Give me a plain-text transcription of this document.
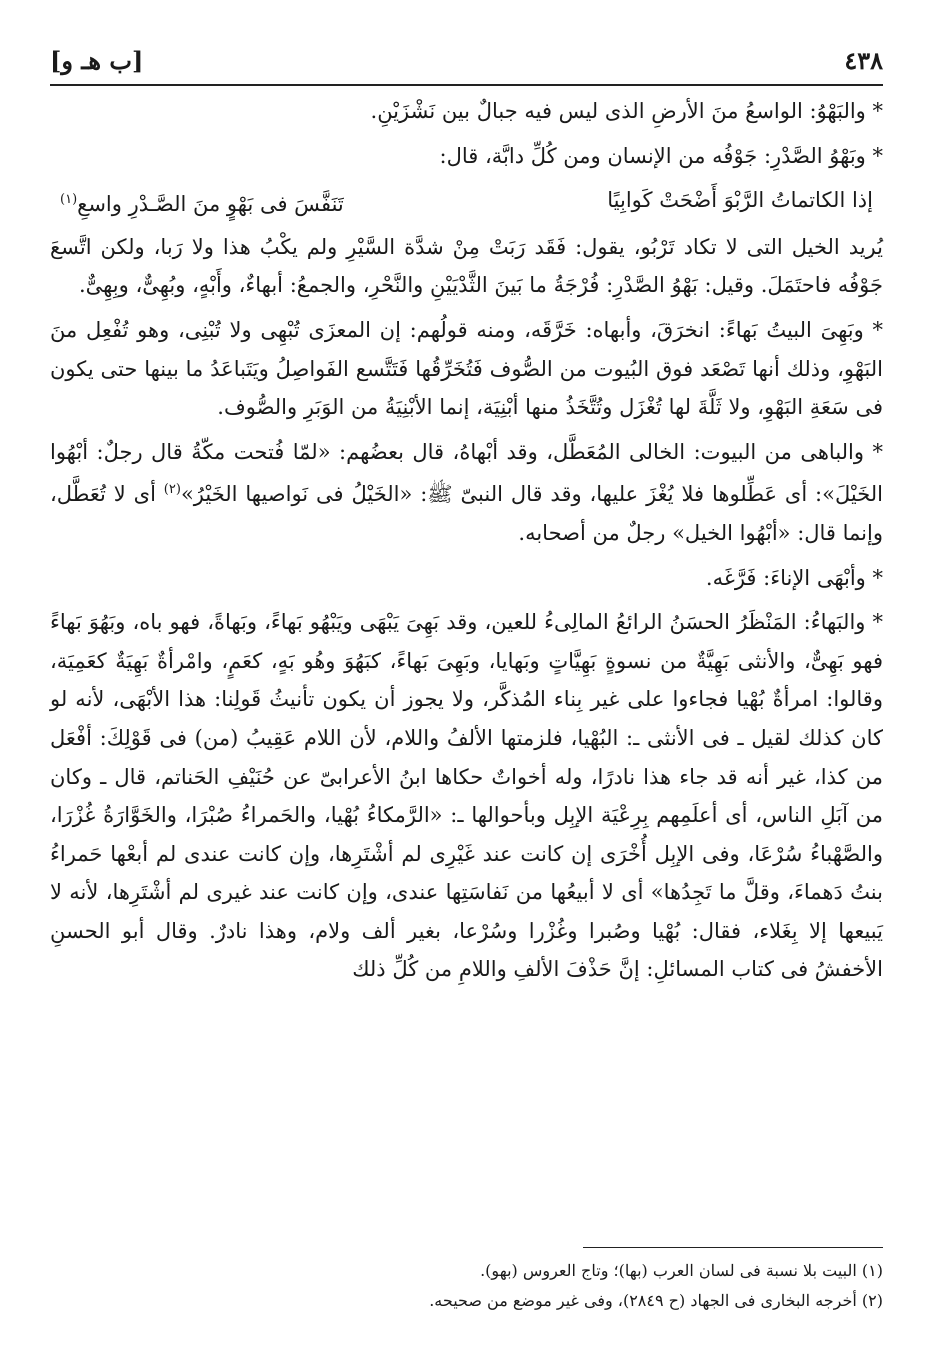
٤٣٨
[ب هـ و]

* والبَهْوُ: الواسعُ منَ الأرضِ الذى ليس فيه جبالٌ بين نَشْزَيْنِ.

* وبَهْوُ الصَّدْرِ: جَوْفُه من الإنسان ومن كُلِّ دابَّة، قال:

إذا الكاتماتُ الرَّبْوَ أَضْحَتْ كَوابِيًا
تَنَفَّسَ فى بَهْوٍ منَ الصَّـدْرِ واسعِ$^{(١)}$

يُريد الخيل التى لا تكاد تَرْبُو، يقول: فَقَد رَبَتْ مِنْ شدَّة السَّيْرِ ولم يكْبُ هذا ولا رَبا، ولكن اتَّسعَ جَوْفُه فاحتَمَلَ. وقيل: بَهْوُ الصَّدْرِ: فُرْجَةُ ما بَينَ الثَّدْيَيْنِ والنَّحْرِ، والجمعُ: أبهاءٌ، وأَبْهٍ، وبُهِىٌّ، وبِهِىٌّ.

* وبَهِىَ البيتُ بَهاءً: انخرَقَ، وأبهاه: خَرَّقَه، ومنه قولُهم: إن المعزَى تُبْهِى ولا تُبْنِى، وهو تُفْعِل منَ البَهْوِ، وذلك أنها تَصْعَد فوق البُيوت من الصُّوف فَتُخَرِّقُها فَتَتَّسع الفَواصِلُ ويَتَباعَدُ ما بينها حتى يكون فى سَعَةِ البَهْوِ، ولا ثَلَّةَ لها تُغْزَل وتُتَّخَذُ منها أبْنِيَة، إنما الأبْنِيَةُ من الوَبَرِ والصُّوف.

* والباهى من البيوت: الخالى المُعَطَّل، وقد أبْهاهُ، قال بعضُهم: «لمّا فُتحت مكّةُ قال رجلٌ: أبْهُوا الخَيْلَ»: أى عَطِّلوها فلا يُغْزَ عليها، وقد قال النبىّ ﷺ: «الخَيْلُ فى نَواصيها الخَيْرُ»$^{(٢)}$ أى لا تُعَطَّل، وإنما قال: «أبْهُوا الخيل» رجلٌ من أصحابه.

* وأبْهَى الإناءَ: فَرَّغَه.

* والبَهاءُ: المَنْظَرُ الحسَنُ الرائعُ المالِىءُ للعين، وقد بَهِىَ يَبْهَى ويَبْهُو بَهاءً، وبَهاةً، فهو باه، وبَهُوَ بَهاءً فهو بَهِىٌّ، والأنثى بَهِيَّةٌ من نسوةٍ بَهِيَّاتٍ وبَهايا، وبَهِىَ بَهاءً، كبَهُوَ وهُو بَهٍ، كعَمٍ، وامْرأةٌ بَهِيَةٌ كعَمِيَة، وقالوا: امرأةٌ بُهْيا فجاءوا على غير بِناء المُذكَّر، ولا يجوز أن يكون تأنيثُ قَولِنا: هذا الأبْهَى، لأنه لو كان كذلك لقيل ـ فى الأنثى ـ: البُهْيا، فلزمتها الألفُ واللام، لأن اللام عَقِيبُ (من) فى قَوْلِكَ: أفْعَل من كذا، غير أنه قد جاء هذا نادرًا، وله أخواتٌ حكاها ابنُ الأعرابىّ عن حُنَيْفِ الحَناتم، قال ـ وكان من آبَلِ الناس، أى أعلَمِهم بِرِعْيَة الإبِل وبأحوالها ـ: «الرَّمكاءُ بُهْيا، والحَمراءُ صُبْرَا، والخَوَّارَةُ غُزْرَا، والصَّهْباءُ سُرْعَا، وفى الإبِل أُخْرَى إن كانت عند غَيْرِى لم أشْتَرِها، وإن كانت عندى لم أبعْها حَمراءُ بنتُ دَهماءَ، وقلَّ ما تَجِدُها» أى لا أبيعُها من نَفاسَتِها عندى، وإن كانت عند غيرى لم أشْتَرِها، لأنه لا يَبيعها إلا بِغَلاء، فقال: بُهْيا وصُبرا وغُزْرا وسُرْعا، بغير ألف ولام، وهذا نادرٌ. وقال أبو الحسنِ الأخفشُ فى كتاب المسائلِ: إنَّ حَذْفَ الألفِ واللامِ من كُلِّ ذلك

(١) البيت بلا نسبة فى لسان العرب (بها)؛ وتاج العروس (بهو).
(٢) أخرجه البخارى فى الجهاد (ح ٢٨٤٩)، وفى غير موضع من صحيحه.
